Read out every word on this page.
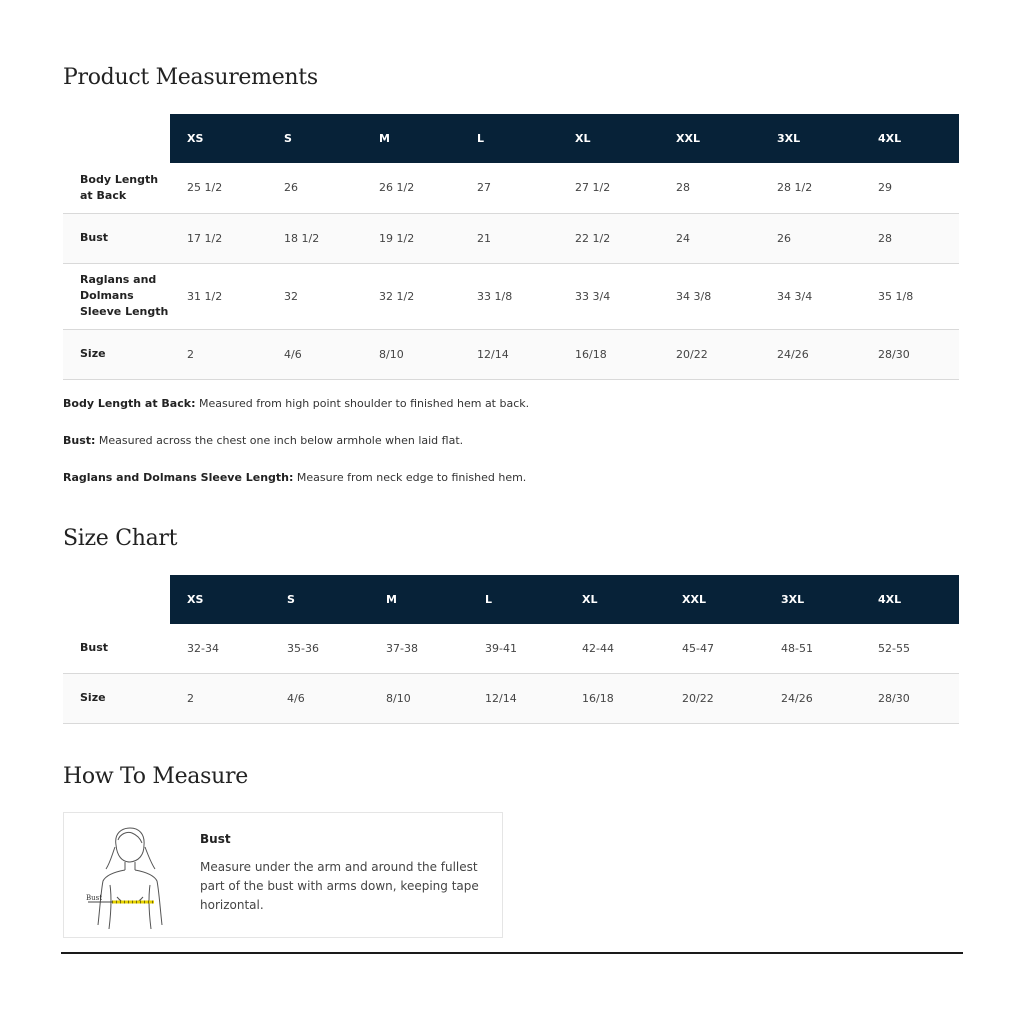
Product Measurements
	XS	S	M	L	XL	XXL	3XL	4XL
Body Length at Back	25 1/2	26	26 1/2	27	27 1/2	28	28 1/2	29
Bust	17 1/2	18 1/2	19 1/2	21	22 1/2	24	26	28
Raglans and Dolmans Sleeve Length	31 1/2	32	32 1/2	33 1/8	33 3/4	34 3/8	34 3/4	35 1/8
Size	2	4/6	8/10	12/14	16/18	20/22	24/26	28/30

Body Length at Back: Measured from high point shoulder to finished hem at back.

Bust: Measured across the chest one inch below armhole when laid flat.

Raglans and Dolmans Sleeve Length: Measure from neck edge to finished hem.

Size Chart
	XS	S	M	L	XL	XXL	3XL	4XL
Bust	32-34	35-36	37-38	39-41	42-44	45-47	48-51	52-55
Size	2	4/6	8/10	12/14	16/18	20/22	24/26	28/30
How To Measure
Bust
Bust
Measure under the arm and around the fullest part of the bust with arms down, keeping tape horizontal.
